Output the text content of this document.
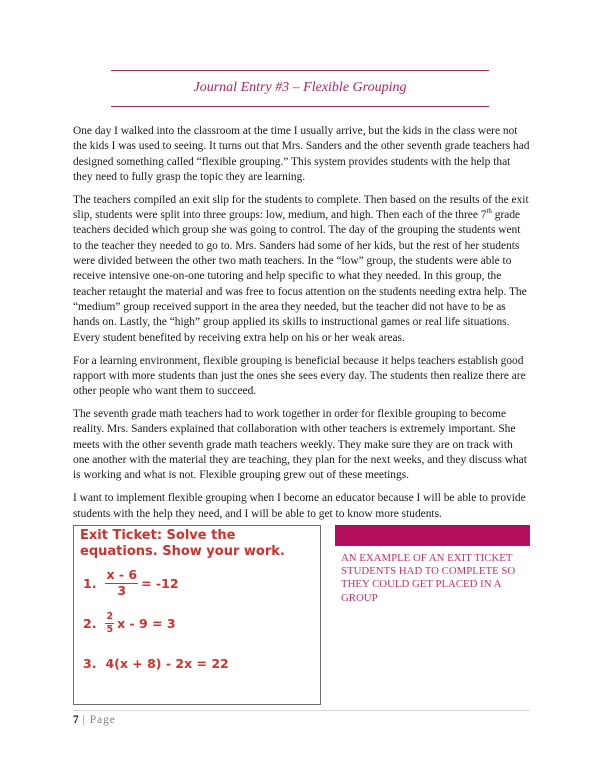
Journal Entry #3 – Flexible Grouping

One day I walked into the classroom at the time I usually arrive, but the kids in the class were not the kids I was used to seeing. It turns out that Mrs. Sanders and the other seventh grade teachers had designed something called “flexible grouping.” This system provides students with the help that they need to fully grasp the topic they are learning.

The teachers compiled an exit slip for the students to complete. Then based on the results of the exit slip, students were split into three groups: low, medium, and high. Then each of the three 7th grade teachers decided which group she was going to control. The day of the grouping the students went to the teacher they needed to go to. Mrs. Sanders had some of her kids, but the rest of her students were divided between the other two math teachers. In the “low” group, the students were able to receive intensive one-on-one tutoring and help specific to what they needed. In this group, the teacher retaught the material and was free to focus attention on the students needing extra help. The “medium” group received support in the area they needed, but the teacher did not have to be as hands on. Lastly, the “high” group applied its skills to instructional games or real life situations. Every student benefited by receiving extra help on his or her weak areas.

For a learning environment, flexible grouping is beneficial because it helps teachers establish good rapport with more students than just the ones she sees every day. The students then realize there are other people who want them to succeed.

The seventh grade math teachers had to work together in order for flexible grouping to become reality. Mrs. Sanders explained that collaboration with other teachers is extremely important. She meets with the other seventh grade math teachers weekly. They make sure they are on track with one another with the material they are teaching, they plan for the next weeks, and they discuss what is working and what is not. Flexible grouping grew out of these meetings.

I want to implement flexible grouping when I become an educator because I will be able to provide students with the help they need, and I will be able to get to know more students.

Exit Ticket: Solve the equations. Show your work.
1. $\frac{x - 6}{3} = -12$
2. $\frac{2}{5}$ x - 9 = 3
3. 4(x + 8) - 2x = 22
AN EXAMPLE OF AN EXIT TICKET STUDENTS HAD TO COMPLETE SO THEY COULD GET PLACED IN A GROUP
7 | Page
